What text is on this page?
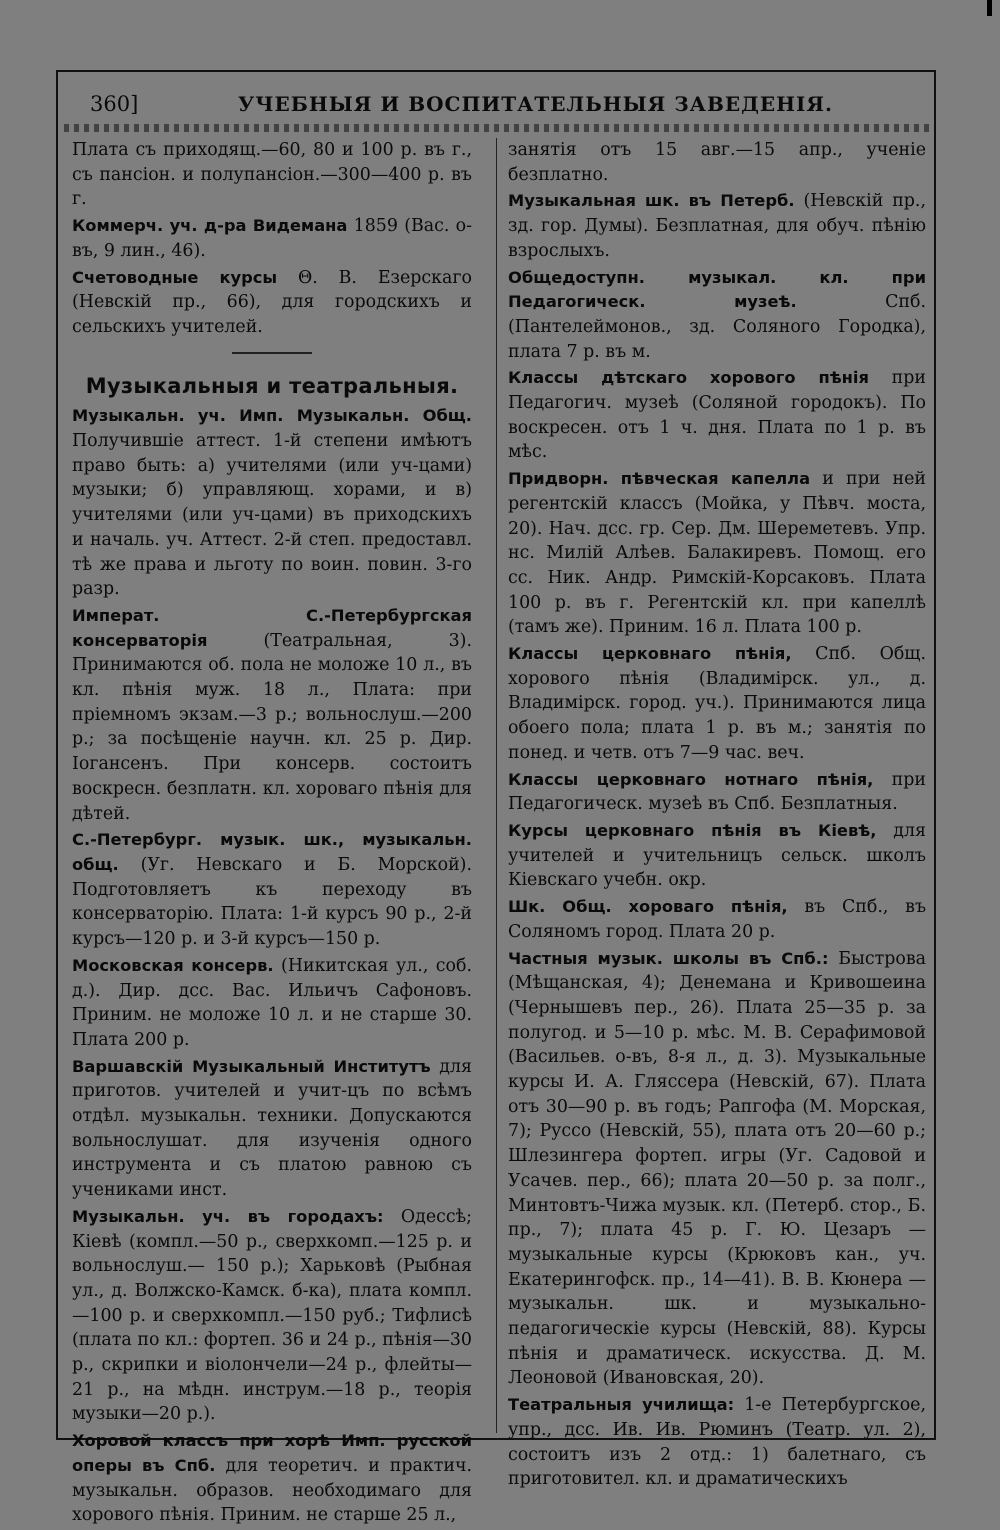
360]	УЧЕБНЫЯ И ВОСПИТАТЕЛЬНЫЯ ЗАВЕДЕНІЯ.

Плата съ приходящ.—60, 80 и 100 р. въ г., съ пансіон. и полупансіон.—300—400 р. въ г.

Коммерч. уч. д-ра Видемана 1859 (Вас. о-въ, 9 лин., 46).

Счетоводные курсы Θ. В. Езерскаго (Невскій пр., 66), для городскихъ и сельскихъ учителей.

Музыкальныя и театральныя.

Музыкальн. уч. Имп. Музыкальн. Общ. Получившіе аттест. 1-й степени имѣютъ право быть: а) учителями (или уч-цами) музыки; б) управляющ. хорами, и в) учителями (или уч-цами) въ приходскихъ и началь. уч. Аттест. 2-й степ. предоставл. тѣ же права и льготу по воин. повин. 3-го разр.

Императ. С.-Петербургская консерваторія (Театральная, 3). Принимаются об. пола не моложе 10 л., въ кл. пѣнія муж. 18 л., Плата: при пріемномъ экзам.—3 р.; вольнослуш.—200 р.; за посѣщеніе научн. кл. 25 р. Дир. Іогансенъ. При консерв. состоитъ воскресн. безплатн. кл. хороваго пѣнія для дѣтей.

С.-Петербург. музык. шк., музыкальн. общ. (Уг. Невскаго и Б. Морской). Подготовляетъ къ переходу въ консерваторію. Плата: 1-й курсъ 90 р., 2-й курсъ—120 р. и 3-й курсъ—150 р.

Московская консерв. (Никитская ул., соб. д.). Дир. дсс. Вас. Ильичъ Сафоновъ. Приним. не моложе 10 л. и не старше 30. Плата 200 р.

Варшавскій Музыкальный Институтъ для приготов. учителей и учит-цъ по всѣмъ отдѣл. музыкальн. техники. Допускаются вольнослушат. для изученія одного инструмента и съ платою равною съ учениками инст.

Музыкальн. уч. въ городахъ: Одессѣ; Кіевѣ (компл.—50 р., сверхкомп.—125 р. и вольнослуш.— 150 р.); Харьковѣ (Рыбная ул., д. Волжско-Камск. б-ка), плата компл.—100 р. и сверхкомпл.—150 руб.; Тифлисѣ (плата по кл.: фортеп. 36 и 24 р., пѣнія—30 р., скрипки и віолончели—24 р., флейты—21 р., на мѣдн. инструм.—18 р., теорія музыки—20 р.).

Хоровой классъ при хорѣ Имп. русской оперы въ Спб. для теоретич. и практич. музыкальн. образов. необходимаго для хорового пѣнія. Приним. не старше 25 л.,

занятія отъ 15 авг.—15 апр., ученіе безплатно.

Музыкальная шк. въ Петерб. (Невскій пр., зд. гор. Думы). Безплатная, для обуч. пѣнію взрослыхъ.

Общедоступн. музыкал. кл. при Педагогическ. музеѣ. Спб. (Пантелеймонов., зд. Соляного Городка), плата 7 р. въ м.

Классы дѣтскаго хорового пѣнія при Педагогич. музеѣ (Соляной городокъ). По воскресен. отъ 1 ч. дня. Плата по 1 р. въ мѣс.

Придворн. пѣвческая капелла и при ней регентскій классъ (Мойка, у Пѣвч. моста, 20). Нач. дсс. гр. Сер. Дм. Шереметевъ. Упр. нс. Милій Алѣев. Балакиревъ. Помощ. его сс. Ник. Андр. Римскій-Корсаковъ. Плата 100 р. въ г. Регентскій кл. при капеллѣ (тамъ же). Приним. 16 л. Плата 100 р.

Классы церковнаго пѣнія, Спб. Общ. хорового пѣнія (Владимірск. ул., д. Владимірск. город. уч.). Принимаются лица обоего пола; плата 1 р. въ м.; занятія по понед. и четв. отъ 7—9 час. веч.

Классы церковнаго нотнаго пѣнія, при Педагогическ. музеѣ въ Спб. Безплатныя.

Курсы церковнаго пѣнія въ Кіевѣ, для учителей и учительницъ сельск. школъ Кіевскаго учебн. окр.

Шк. Общ. хороваго пѣнія, въ Спб., въ Соляномъ город. Плата 20 р.

Частныя музык. школы въ Спб.: Быстрова (Мѣщанская, 4); Денемана и Кривошеина (Чернышевъ пер., 26). Плата 25—35 р. за полугод. и 5—10 р. мѣс. М. В. Серафимовой (Васильев. о-въ, 8-я л., д. 3). Музыкальные курсы И. А. Гляссера (Невскій, 67). Плата отъ 30—90 р. въ годъ; Рапгофа (М. Морская, 7); Руссо (Невскій, 55), плата отъ 20—60 р.; Шлезингера фортеп. игры (Уг. Садовой и Усачев. пер., 66); плата 20—50 р. за полг., Минтовтъ-Чижа музык. кл. (Петерб. стор., Б. пр., 7); плата 45 р. Г. Ю. Цезаръ — музыкальные курсы (Крюковъ кан., уч. Екатерингофск. пр., 14—41). В. В. Кюнера — музыкальн. шк. и музыкально-педагогическіе курсы (Невскій, 88). Курсы пѣнія и драматическ. искусства. Д. М. Леоновой (Ивановская, 20).

Театральныя училища: 1-е Петербургское, упр., дсс. Ив. Ив. Рюминъ (Театр. ул. 2), состоитъ изъ 2 отд.: 1) балетнаго, съ приготовител. кл. и драматическихъ
